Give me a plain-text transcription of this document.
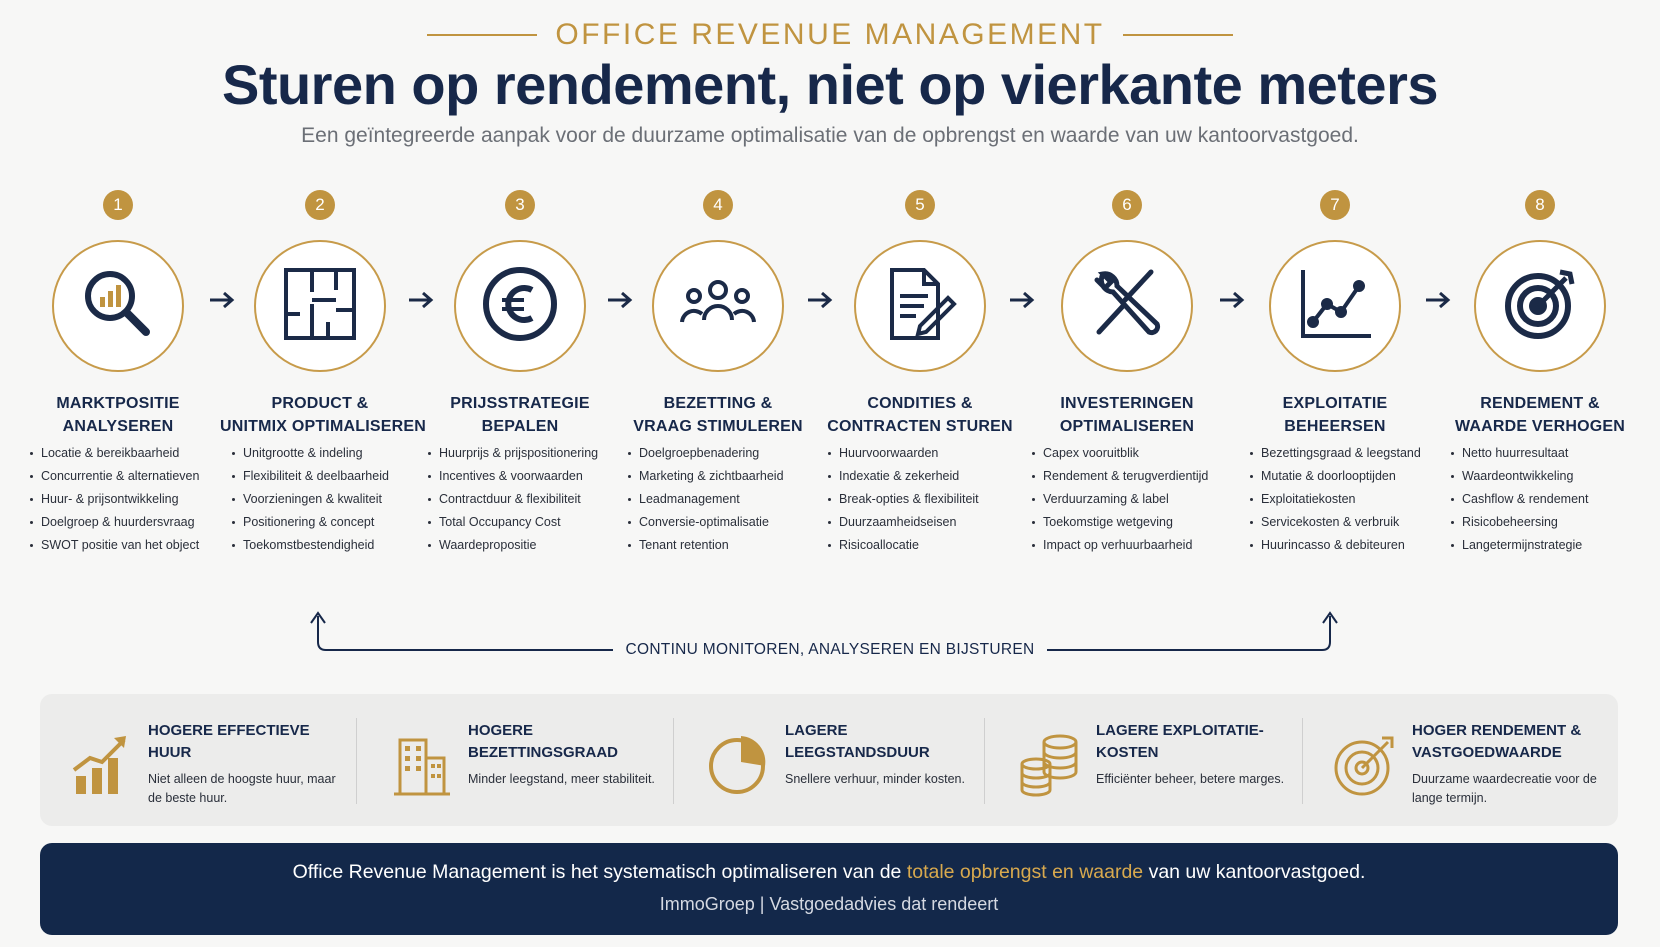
OFFICE REVENUE MANAGEMENT
Sturen op rendement, niet op vierkante meters
Een geïntegreerde aanpak voor de duurzame optimalisatie van de opbrengst en waarde van uw kantoorvastgoed.
1
MARKTPOSITIE
ANALYSEREN
Locatie & bereikbaarheid
Concurrentie & alternatieven
Huur- & prijsontwikkeling
Doelgroep & huurdersvraag
SWOT positie van het object
2
PRODUCT &
UNITMIX OPTIMALISEREN
Unitgrootte & indeling
Flexibiliteit & deelbaarheid
Voorzieningen & kwaliteit
Positionering & concept
Toekomstbestendigheid
3
PRIJSSTRATEGIE
BEPALEN
Huurprijs & prijspositionering
Incentives & voorwaarden
Contractduur & flexibiliteit
Total Occupancy Cost
Waardepropositie
4
BEZETTING &
VRAAG STIMULEREN
Doelgroepbenadering
Marketing & zichtbaarheid
Leadmanagement
Conversie-optimalisatie
Tenant retention
5
CONDITIES &
CONTRACTEN STUREN
Huurvoorwaarden
Indexatie & zekerheid
Break-opties & flexibiliteit
Duurzaamheidseisen
Risicoallocatie
6
INVESTERINGEN
OPTIMALISEREN
Capex vooruitblik
Rendement & terugverdientijd
Verduurzaming & label
Toekomstige wetgeving
Impact op verhuurbaarheid
7
EXPLOITATIE
BEHEERSEN
Bezettingsgraad & leegstand
Mutatie & doorlooptijden
Exploitatiekosten
Servicekosten & verbruik
Huurincasso & debiteuren
8
RENDEMENT &
WAARDE VERHOGEN
Netto huurresultaat
Waardeontwikkeling
Cashflow & rendement
Risicobeheersing
Langetermijnstrategie
CONTINU MONITOREN, ANALYSEREN EN BIJSTUREN
HOGERE EFFECTIEVE HUUR
Niet alleen de hoogste huur, maar de beste huur.
HOGERE BEZETTINGSGRAAD
Minder leegstand, meer stabiliteit.
LAGERE LEEGSTANDSDUUR
Snellere verhuur, minder kosten.
LAGERE EXPLOITATIE-KOSTEN
Efficiënter beheer, betere marges.
HOGER RENDEMENT & VASTGOEDWAARDE
Duurzame waardecreatie voor de lange termijn.
Office Revenue Management is het systematisch optimaliseren van de totale opbrengst en waarde van uw kantoorvastgoed.
ImmoGroep | Vastgoedadvies dat rendeert
